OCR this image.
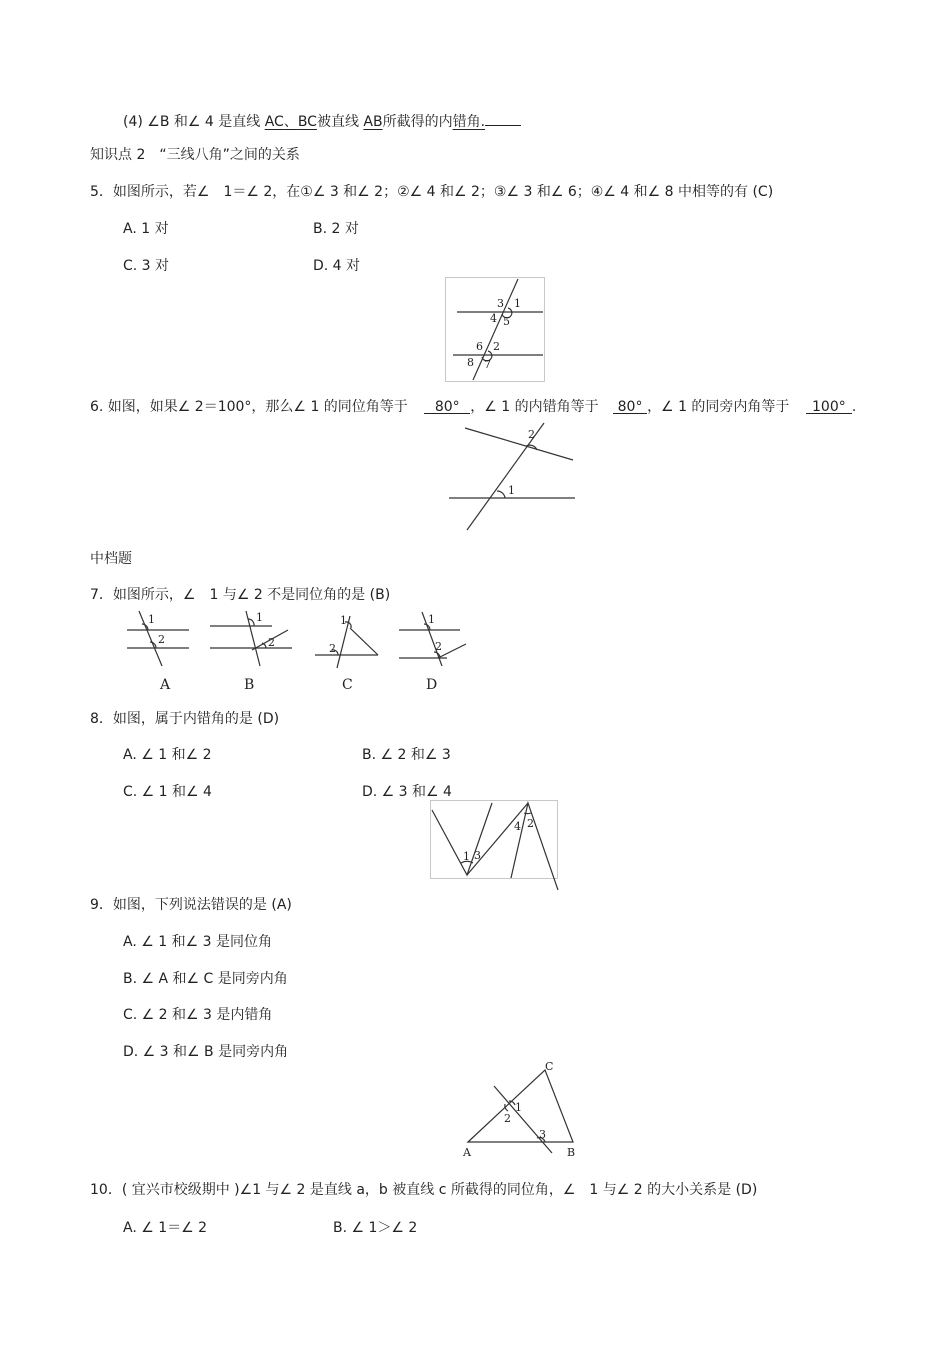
(4) ∠B 和∠ 4 是直线 AC、BC被直线 AB所截得的内错角.
知识点 2　“三线八角”之间的关系
5．如图所示，若∠　1＝∠ 2，在①∠ 3 和∠ 2；②∠ 4 和∠ 2；③∠ 3 和∠ 6；④∠ 4 和∠ 8 中相等的有 (C)
A. 1 对	B. 2 对
C. 3 对	D. 4 对
3 1
4 5
6 2
8 7
6. 如图，如果∠ 2＝100°，那么∠ 1 的同位角等于 80° ，∠ 1 的内错角等于 80° ，∠ 1 的同旁内角等于 100° .
2
1
中档题
7．如图所示，∠　1 与∠ 2 不是同位角的是 (B)
1
2
A
1
2
B
1
2
C
1
2
D
8．如图，属于内错角的是 (D)
A. ∠ 1 和∠ 2	B. ∠ 2 和∠ 3
C. ∠ 1 和∠ 4	D. ∠ 3 和∠ 4
1 3
4 2
9．如图，下列说法错误的是 (A)
A. ∠ 1 和∠ 3 是同位角
B. ∠ A 和∠ C 是同旁内角
C. ∠ 2 和∠ 3 是内错角
D. ∠ 3 和∠ B 是同旁内角
C
1
2
3
A	B
10．( 宜兴市校级期中 )∠1 与∠ 2 是直线 a，b 被直线 c 所截得的同位角，∠　1 与∠ 2 的大小关系是 (D)
A. ∠ 1＝∠ 2	B. ∠ 1＞∠ 2
